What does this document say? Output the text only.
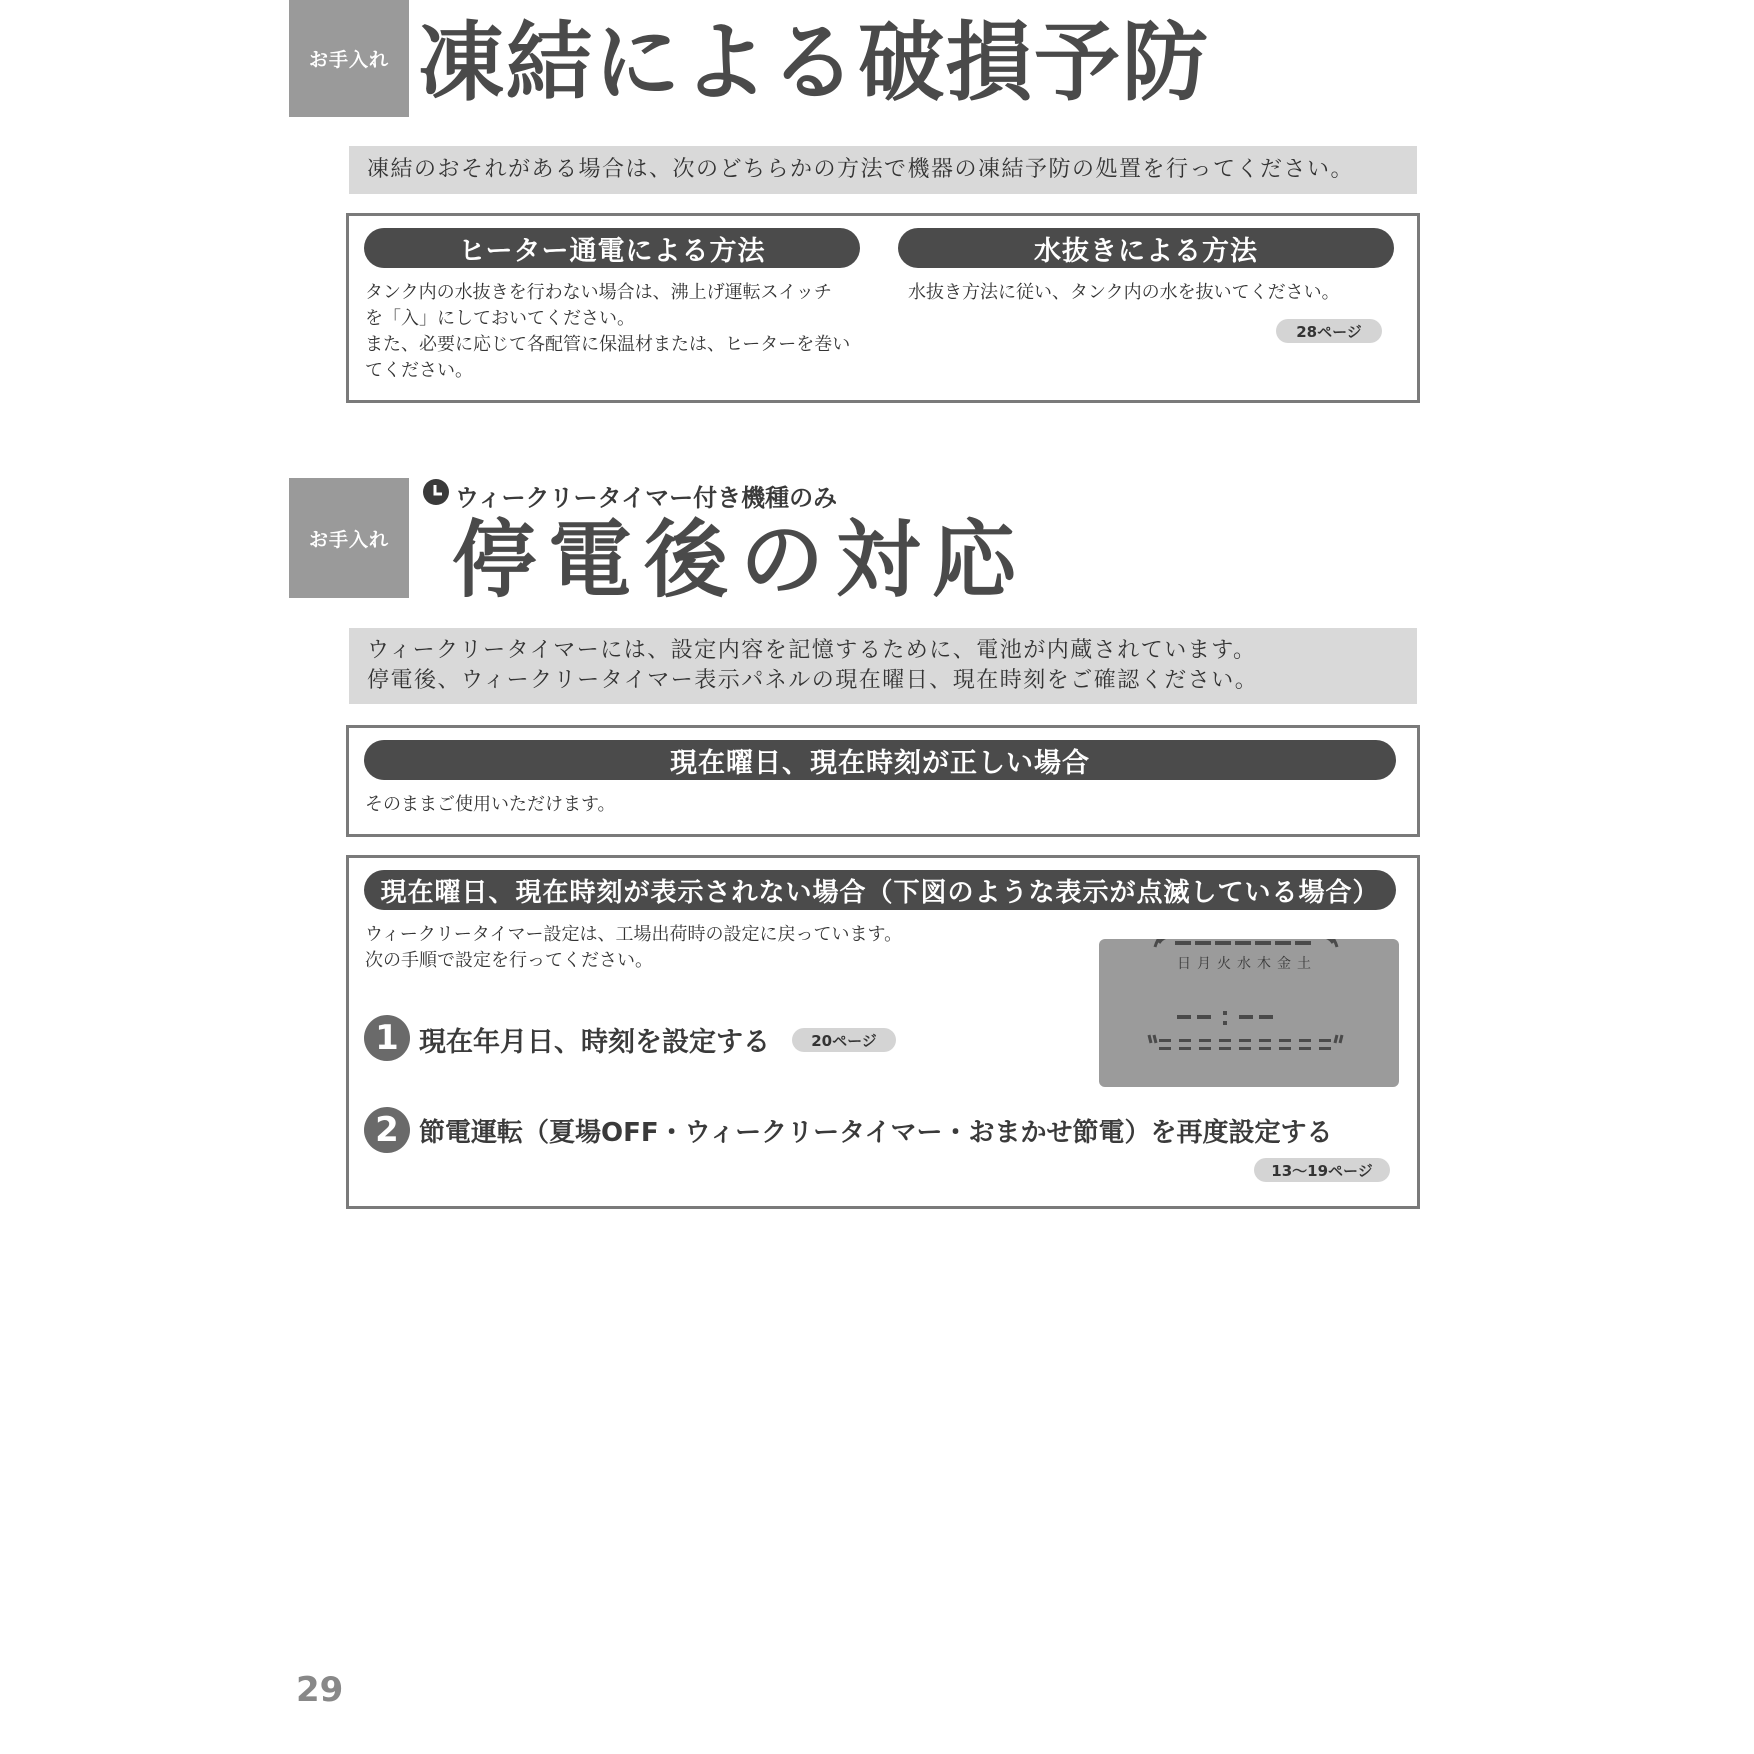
お手入れ 凍結による破損予防
凍結のおそれがある場合は、次のどちらかの方法で機器の凍結予防の処置を行ってください。
ヒーター通電による方法
タンク内の水抜きを行わない場合は、沸上げ運転スイッチ
を「入」にしておいてください。
また、必要に応じて各配管に保温材または、ヒーターを巻い
てください。
水抜きによる方法
水抜き方法に従い、タンク内の水を抜いてください。
28ページ
お手入れ
ウィークリータイマー付き機種のみ
停電後の対応
ウィークリータイマーには、設定内容を記憶するために、電池が内蔵されています。
停電後、ウィークリータイマー表示パネルの現在曜日、現在時刻をご確認ください。
現在曜日、現在時刻が正しい場合
そのままご使用いただけます。
現在曜日、現在時刻が表示されない場合（下図のような表示が点滅している場合）
ウィークリータイマー設定は、工場出荷時の設定に戻っています。
次の手順で設定を行ってください。	日月火水木金土
1 現在年月日、時刻を設定する	20ページ
2 節電運転（夏場OFF・ウィークリータイマー・おまかせ節電）を再度設定する
13～19ページ
29
